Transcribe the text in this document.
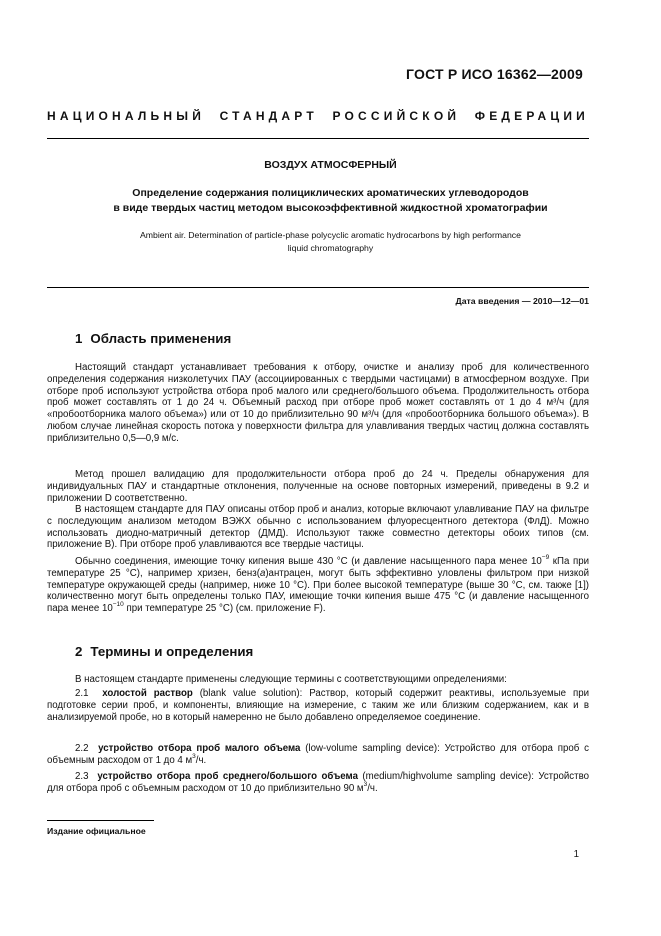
ГОСТ Р ИСО 16362—2009
НАЦИОНАЛЬНЫЙ СТАНДАРТ РОССИЙСКОЙ ФЕДЕРАЦИИ
ВОЗДУХ АТМОСФЕРНЫЙ
Определение содержания полициклических ароматических углеводородов
в виде твердых частиц методом высокоэффективной жидкостной хроматографии
Ambient air. Determination of particle-phase polycyclic aromatic hydrocarbons by high performance
liquid chromatography
Дата введения — 2010—12—01
1 Область применения
Настоящий стандарт устанавливает требования к отбору, очистке и анализу проб для количественного определения содержания низколетучих ПАУ (ассоциированных с твердыми частицами) в атмосферном воздухе. При отборе проб используют устройства отбора проб малого или среднего/большого объема. Продолжительность отбора проб может составлять от 1 до 24 ч. Объемный расход при отборе проб может составлять от 1 до 4 м³/ч (для «пробоотборника малого объема») или от 10 до приблизительно 90 м³/ч (для «пробоотборника большого объема»). В любом случае линейная скорость потока у поверхности фильтра для улавливания твердых частиц должна составлять приблизительно 0,5—0,9 м/с.
Метод прошел валидацию для продолжительности отбора проб до 24 ч. Пределы обнаружения для индивидуальных ПАУ и стандартные отклонения, полученные на основе повторных измерений, приведены в 9.2 и приложении D соответственно.
В настоящем стандарте для ПАУ описаны отбор проб и анализ, которые включают улавливание ПАУ на фильтре с последующим анализом методом ВЭЖХ обычно с использованием флуоресцентного детектора (ФлД). Можно использовать диодно-матричный детектор (ДМД). Используют также совместно детекторы обоих типов (см. приложение В). При отборе проб улавливаются все твердые частицы.
Обычно соединения, имеющие точку кипения выше 430 °C (и давление насыщенного пара менее $10^{-9}$ кПа при температуре 25 °C), например хризен, бенз(a)антрацен, могут быть эффективно уловлены фильтром при низкой температуре окружающей среды (например, ниже 10 °C). При более высокой температуре (выше 30 °C, см. также [1]) количественно могут быть определены только ПАУ, имеющие точки кипения выше 475 °C (и давление насыщенного пара менее $10^{-10}$ при температуре 25 °C) (см. приложение F).
2 Термины и определения
В настоящем стандарте применены следующие термины с соответствующими определениями:
2.1 холостой раствор (blank value solution): Раствор, который содержит реактивы, используемые при подготовке серии проб, и компоненты, влияющие на измерение, с таким же или близким содержанием, как и в анализируемой пробе, но в который намеренно не было добавлено определяемое соединение.
2.2 устройство отбора проб малого объема (low-volume sampling device): Устройство для отбора проб с объемным расходом от 1 до 4 $м^3/ч$.
2.3 устройство отбора проб среднего/большого объема (medium/highvolume sampling device): Устройство для отбора проб с объемным расходом от 10 до приблизительно 90 $м^3/ч$.
Издание официальное
1
